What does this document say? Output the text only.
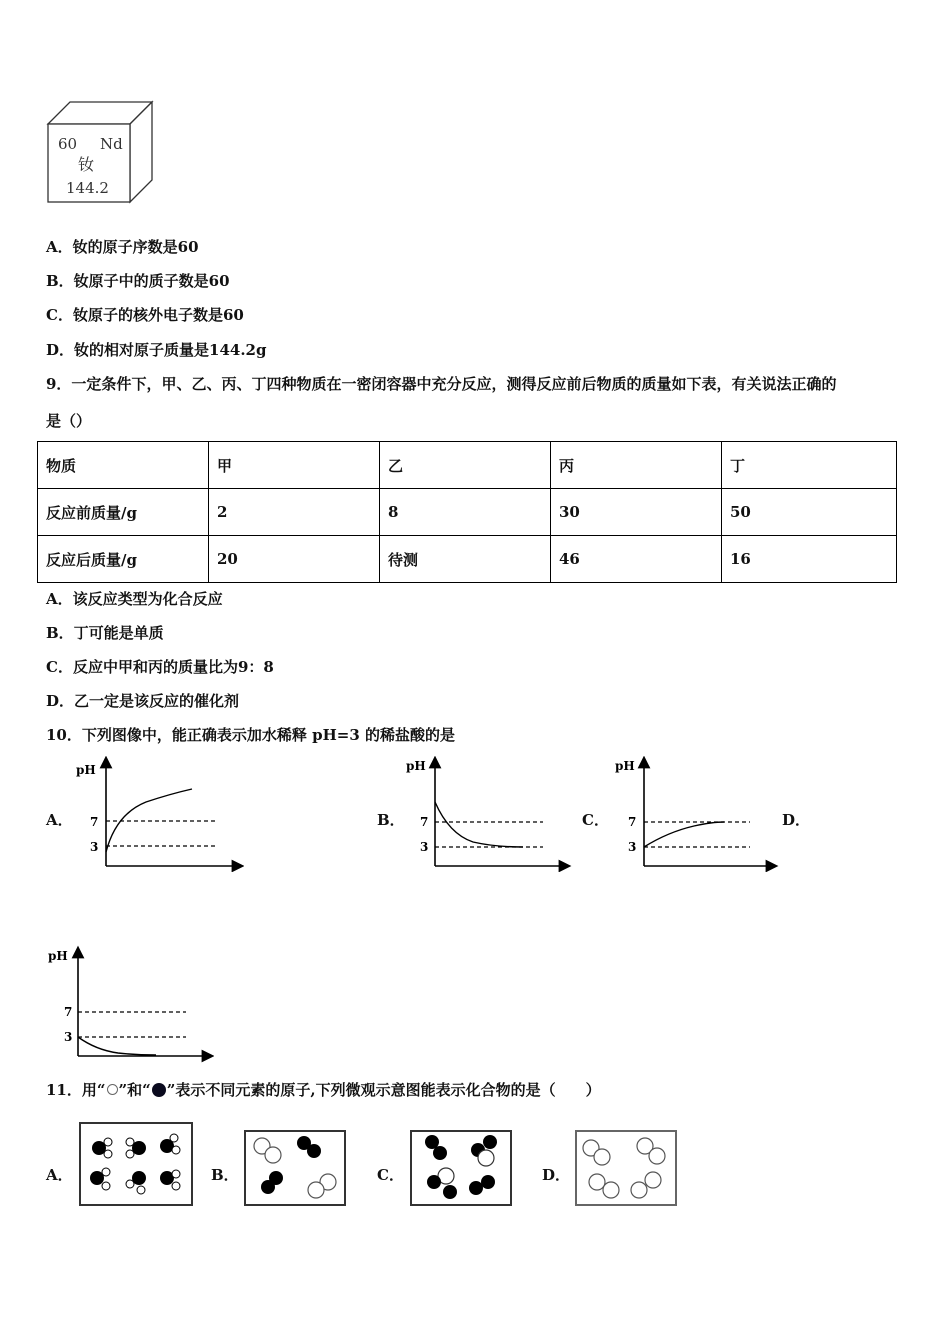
60 Nd
钕
144.2
A．钕的原子序数是60
B．钕原子中的质子数是60
C．钕原子的核外电子数是60
D．钕的相对原子质量是144.2g
9．一定条件下，甲、乙、丙、丁四种物质在一密闭容器中充分反应，测得反应前后物质的质量如下表，有关说法正确的
是（）
物质	甲	乙	丙	丁
反应前质量/g	2	8	30	50
反应后质量/g	20	待测	46	16
A．该反应类型为化合反应
B．丁可能是单质
C．反应中甲和丙的质量比为9：8
D．乙一定是该反应的催化剂
10．下列图像中，能正确表示加水稀释 pH=3 的稀盐酸的是
A．	B．	C．	D．
pH
7
3
pH
7
3
pH
7
3
pH
7
3
11．用“ ”和“ ”表示不同元素的原子,下列微观示意图能表示化合物的是（　　）
A．	B．	C．	D．
